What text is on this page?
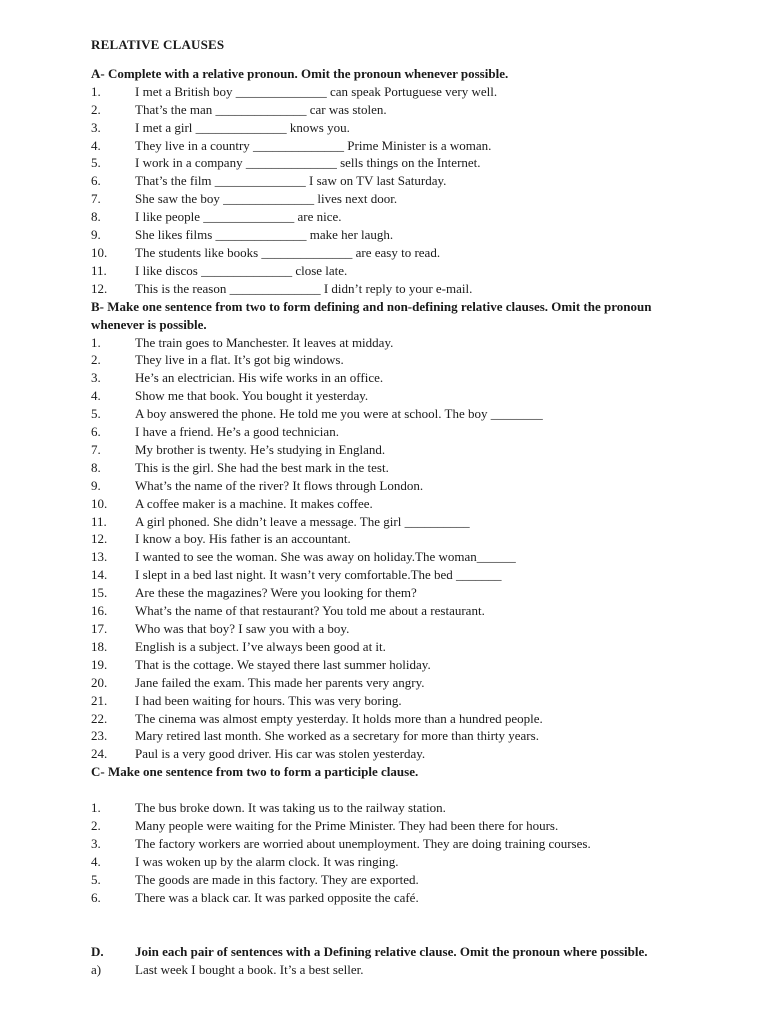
RELATIVE CLAUSES
A- Complete with a relative pronoun. Omit the pronoun whenever possible.
1.	I met a British boy ______________ can speak Portuguese very well.
2.	That’s the man ______________ car was stolen.
3.	I met a girl ______________ knows you.
4.	They live in a country ______________ Prime Minister is a woman.
5.	I work in a company ______________ sells things on the Internet.
6.	That’s the film ______________ I saw on TV last Saturday.
7.	She saw the boy ______________ lives next door.
8.	I like people ______________ are nice.
9.	She likes films ______________ make her laugh.
10.	The students like books ______________ are easy to read.
11.	I like discos ______________ close late.
12.	This is the reason ______________ I didn’t reply to your e-mail.
B- Make one sentence from two to form defining and non-defining relative clauses. Omit the pronoun
whenever is possible.
1.	The train goes to Manchester. It leaves at midday.
2.	They live in a flat. It’s got big windows.
3.	He’s an electrician. His wife works in an office.
4.	Show me that book. You bought it yesterday.
5.	A boy answered the phone. He told me you were at school. The boy ________
6.	I have a friend. He’s a good technician.
7.	My brother is twenty. He’s studying in England.
8.	This is the girl. She had the best mark in the test.
9.	What’s the name of the river? It flows through London.
10.	A coffee maker is a machine. It makes coffee.
11.	A girl phoned. She didn’t leave a message. The girl __________
12.	I know a boy. His father is an accountant.
13.	I wanted to see the woman. She was away on holiday.The woman______
14.	I slept in a bed last night. It wasn’t very comfortable.The bed _______
15.	Are these the magazines? Were you looking for them?
16.	What’s the name of that restaurant? You told me about a restaurant.
17.	Who was that boy? I saw you with a boy.
18.	English is a subject. I’ve always been good at it.
19.	That is the cottage. We stayed there last summer holiday.
20.	Jane failed the exam. This made her parents very angry.
21.	I had been waiting for hours. This was very boring.
22.	The cinema was almost empty yesterday. It holds more than a hundred people.
23.	Mary retired last month. She worked as a secretary for more than thirty years.
24.	Paul is a very good driver. His car was stolen yesterday.
C- Make one sentence from two to form a participle clause.
1.	The bus broke down. It was taking us to the railway station.
2.	Many people were waiting for the Prime Minister. They had been there for hours.
3.	The factory workers are worried about unemployment. They are doing training courses.
4.	I was woken up by the alarm clock. It was ringing.
5.	The goods are made in this factory. They are exported.
6.	There was a black car. It was parked opposite the café.
D.	Join each pair of sentences with a Defining relative clause. Omit the pronoun where possible.
a)	Last week I bought a book. It’s a best seller.
